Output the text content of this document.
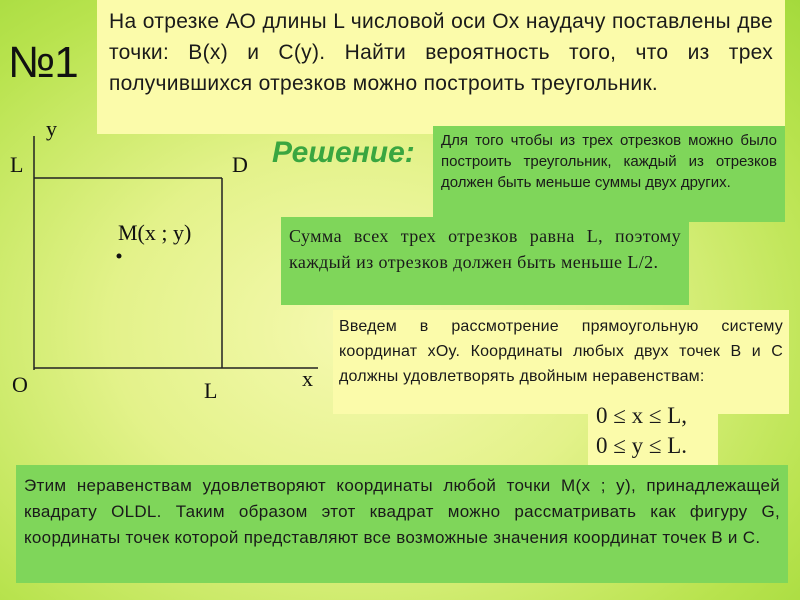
№1
На отрезке АО длины L числовой оси Ох наудачу поставлены две точки: B(x) и C(y). Найти вероятность того, что из трех получившихся отрезков можно построить треугольник.
Решение:
y
L	D
M(x ; y)
O	L	x
Для того чтобы из трех отрезков можно было построить треугольник, каждый из отрезков должен быть меньше суммы двух других.
Сумма всех трех отрезков равна L, поэтому каждый из отрезков должен быть меньше L/2.
Введем в рассмотрение прямоугольную систему координат xOy. Координаты любых двух точек B и C должны удовлетворять двойным неравенствам:
0 ≤ x ≤ L,
0 ≤ y ≤ L.
Этим неравенствам удовлетворяют координаты любой точки M(x ; y), принадлежащей квадрату OLDL. Таким образом этот квадрат можно рассматривать как фигуру G, координаты точек которой представляют все возможные значения координат точек B и C.
